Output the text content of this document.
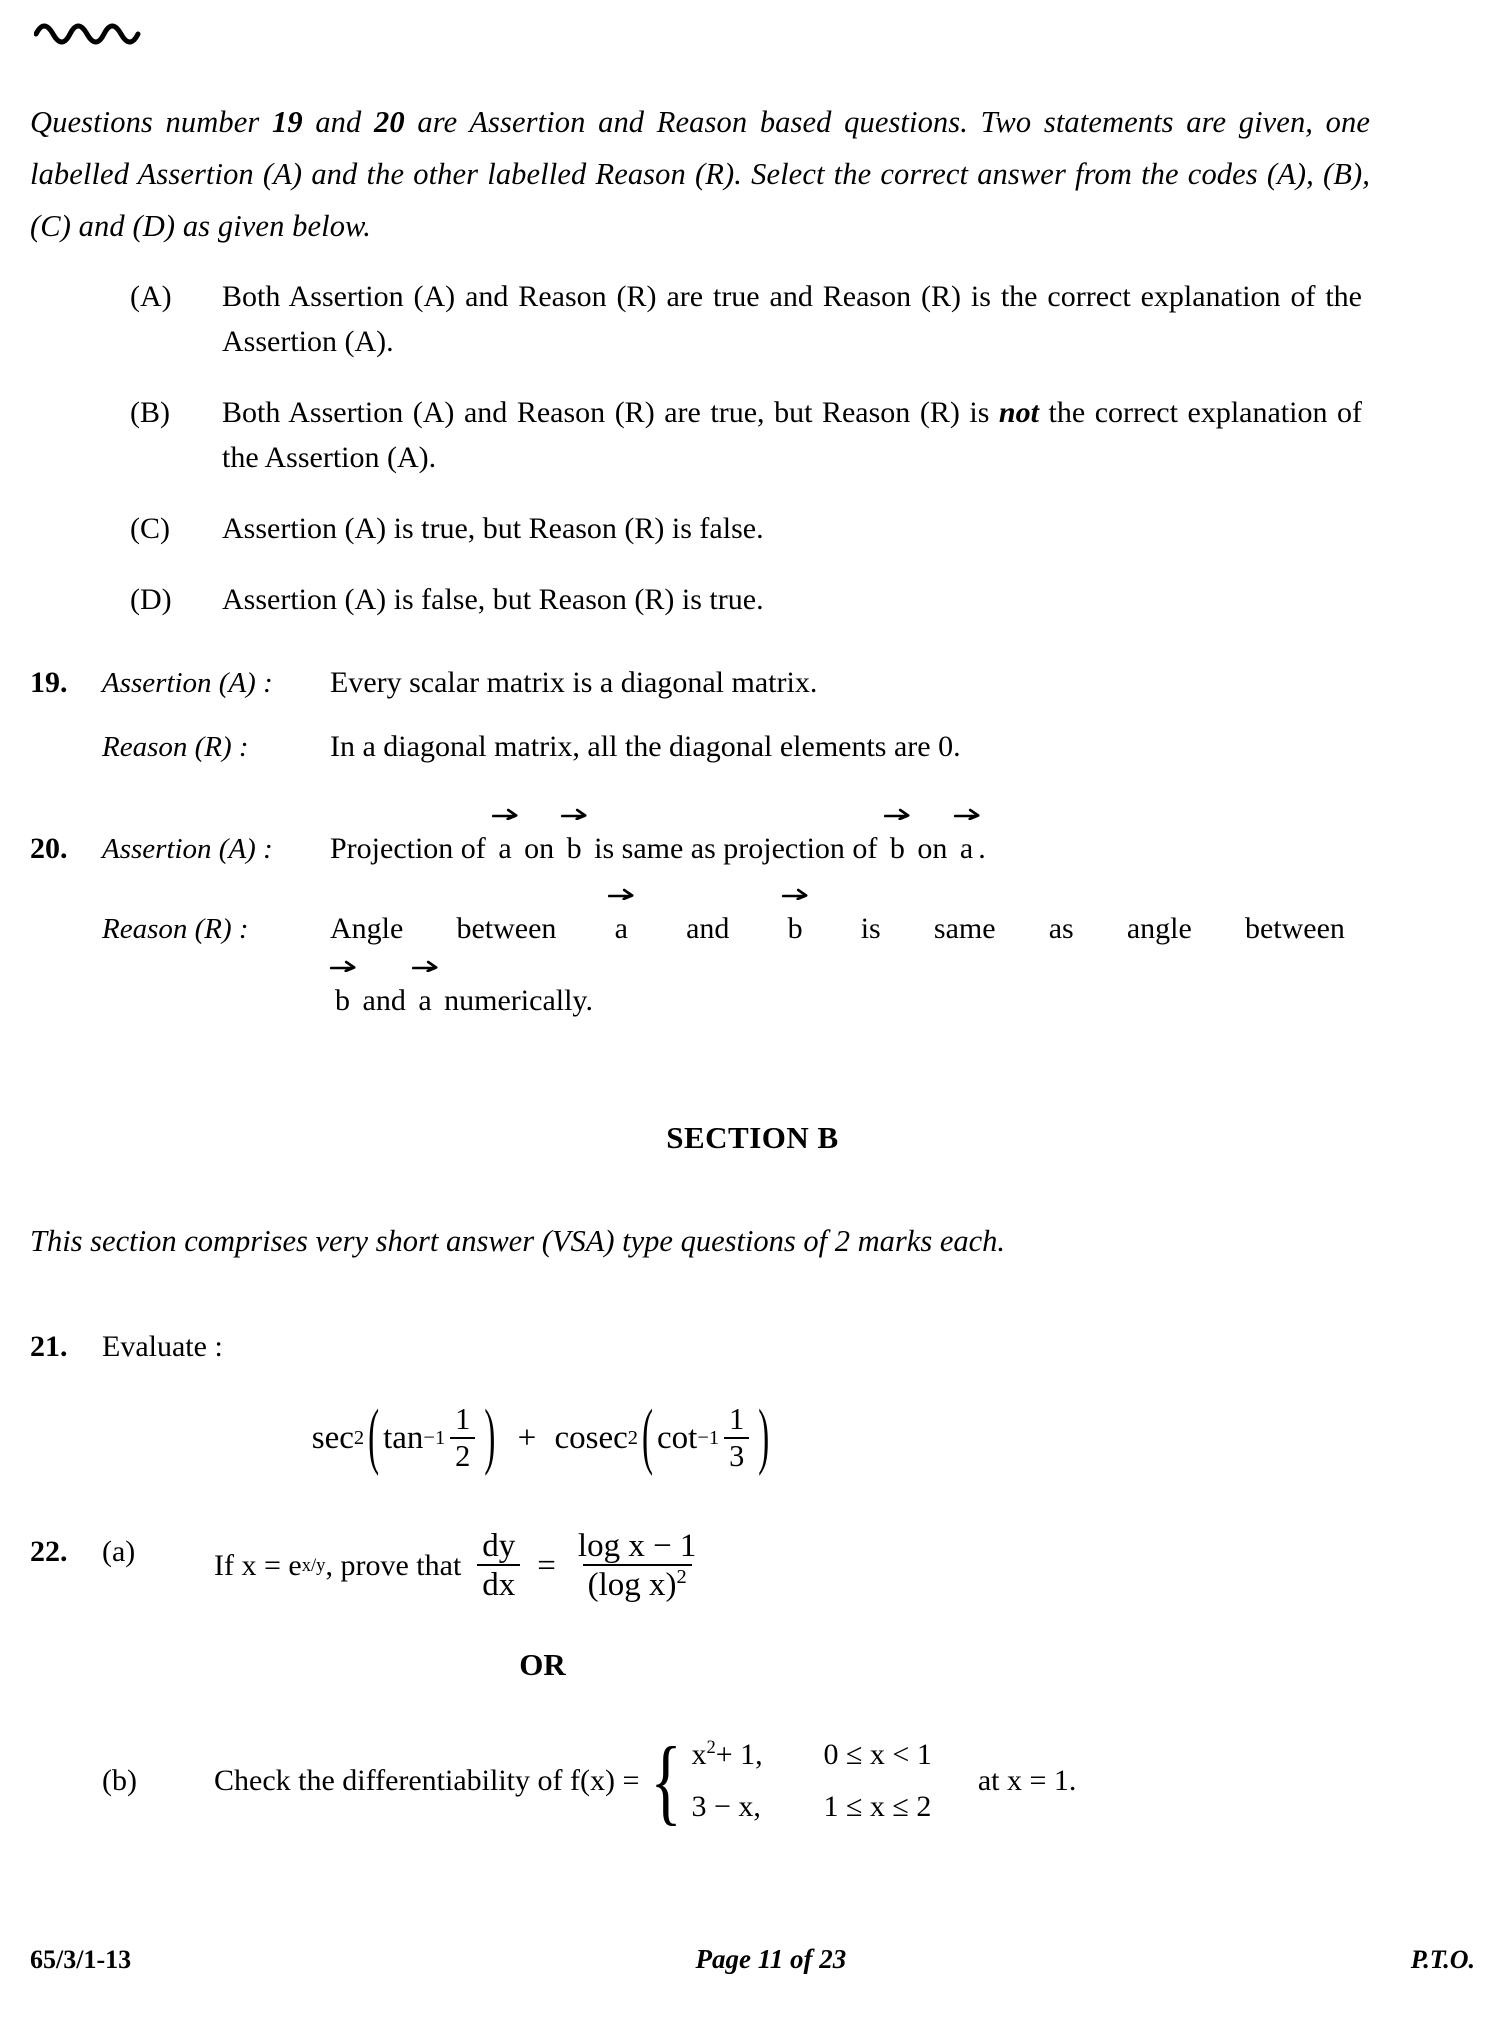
Questions number 19 and 20 are Assertion and Reason based questions. Two statements are given, one labelled Assertion (A) and the other labelled Reason (R). Select the correct answer from the codes (A), (B), (C) and (D) as given below.

(A)	Both Assertion (A) and Reason (R) are true and Reason (R) is the correct explanation of the Assertion (A).
(B)	Both Assertion (A) and Reason (R) are true, but Reason (R) is not the correct explanation of the Assertion (A).
(C)	Assertion (A) is true, but Reason (R) is false.
(D)	Assertion (A) is false, but Reason (R) is true.
19.	Assertion (A) :	Every scalar matrix is a diagonal matrix.
Reason (R) :	In a diagonal matrix, all the diagonal elements are 0.
20.	Assertion (A) :	Projection of a on b is same as projection of b on a .
Reason (R) :	Angle between a and b is same as angle between
b and a numerically.
SECTION B
This section comprises very short answer (VSA) type questions of 2 marks each.
21.	Evaluate :
sec 2 ( $\tan -1 \frac{1}{2}$ ) + cosec 2 ( $\cot -1 \frac{1}{3}$ )
22.	(a)	If x = e x/y , prove that $\frac{dy}{dx} = \frac{\text{log x − 1}}{(\log x)^2}$
OR
(b)	Check the differentiability of f(x) = { $x^2+ 1$,	0 ≤ x < 1
3 − x,	1 ≤ x ≤ 2
at x = 1.
65/3/1-13	Page 11 of 23	P.T.O.
